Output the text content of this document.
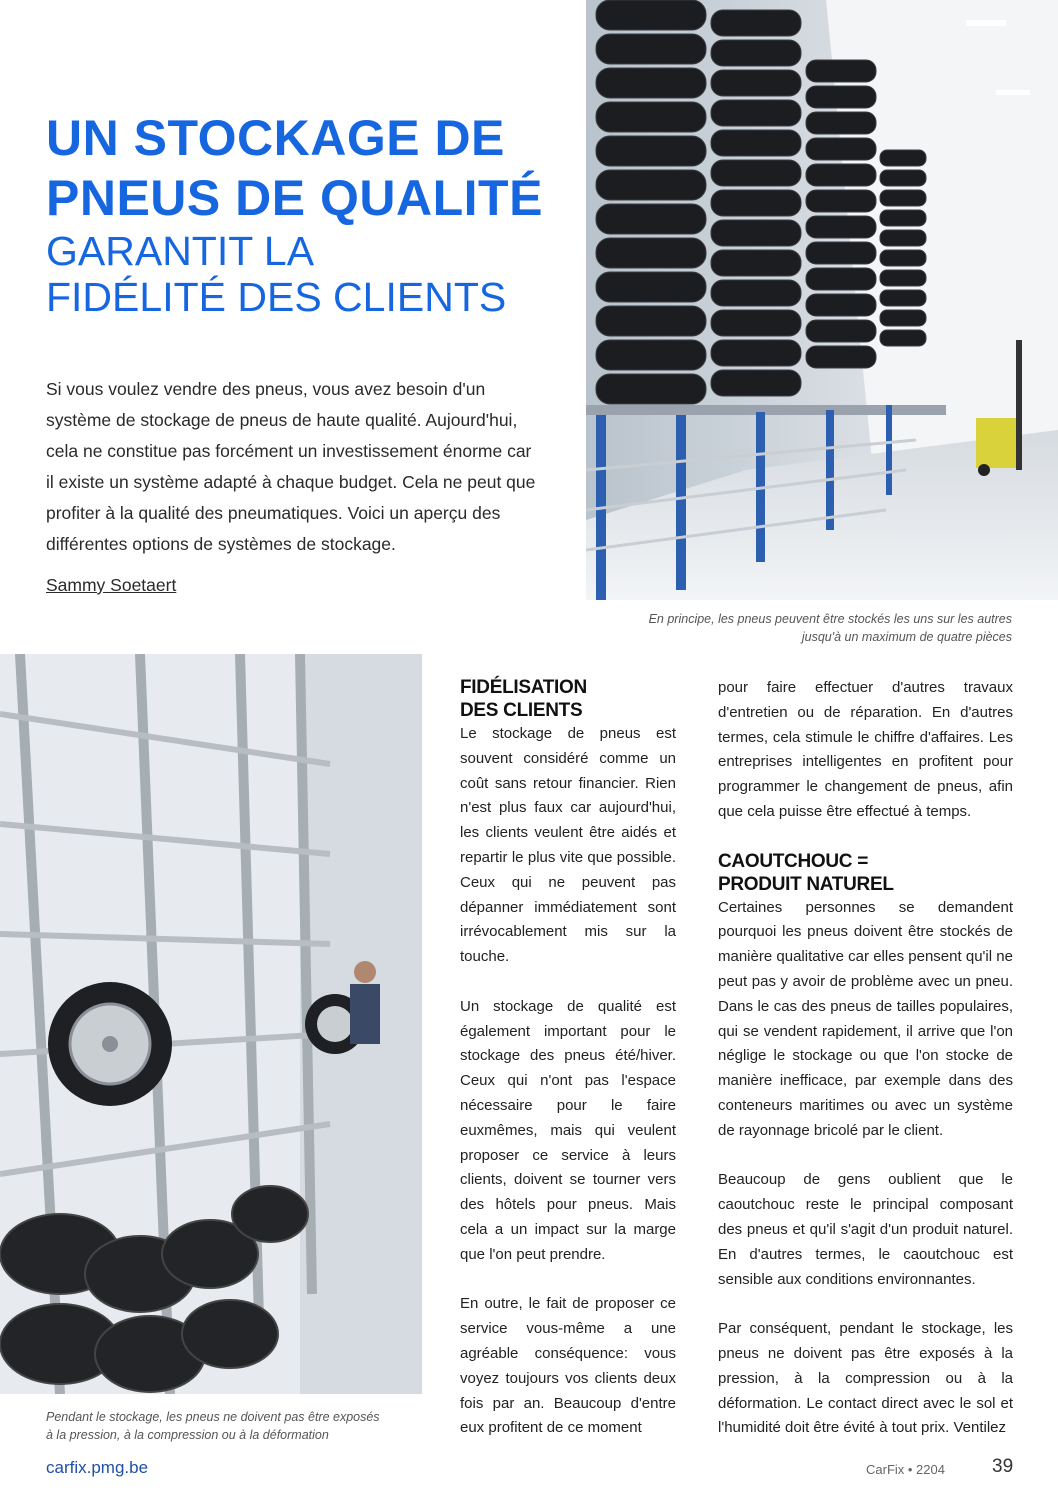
UN STOCKAGE DE
PNEUS DE QUALITÉ
GARANTIT LA
FIDÉLITÉ DES CLIENTS

Si vous voulez vendre des pneus, vous avez besoin d'un système de stockage de pneus de haute qualité. Aujourd'hui, cela ne constitue pas forcément un investissement énorme car il existe un système adapté à chaque budget. Cela ne peut que profiter à la qualité des pneumatiques. Voici un aperçu des différentes options de systèmes de stockage.

Sammy Soetaert

En principe, les pneus peuvent être stockés les uns sur les autres
jusqu'à un maximum de quatre pièces

Pendant le stockage, les pneus ne doivent pas être exposés
à la pression, à la compression ou à la déformation

FIDÉLISATION
DES CLIENTS

Le stockage de pneus est souvent considéré comme un coût sans retour financier. Rien n'est plus faux car aujourd'hui, les clients veulent être aidés et repartir le plus vite que possible. Ceux qui ne peuvent pas dépanner immédiatement sont irrévocablement mis sur la touche.

Un stockage de qualité est également important pour le stockage des pneus été/hiver. Ceux qui n'ont pas l'espace nécessaire pour le faire euxmêmes, mais qui veulent proposer ce service à leurs clients, doivent se tourner vers des hôtels pour pneus. Mais cela a un impact sur la marge que l'on peut prendre.

En outre, le fait de proposer ce service vous-même a une agréable conséquence: vous voyez toujours vos clients deux fois par an. Beaucoup d'entre eux profitent de ce moment

pour faire effectuer d'autres travaux d'entretien ou de réparation. En d'autres termes, cela stimule le chiffre d'affaires. Les entreprises intelligentes en profitent pour programmer le changement de pneus, afin que cela puisse être effectué à temps.

CAOUTCHOUC =
PRODUIT NATUREL

Certaines personnes se demandent pourquoi les pneus doivent être stockés de manière qualitative car elles pensent qu'il ne peut pas y avoir de problème avec un pneu. Dans le cas des pneus de tailles populaires, qui se vendent rapidement, il arrive que l'on néglige le stockage ou que l'on stocke de manière inefficace, par exemple dans des conteneurs maritimes ou avec un système de rayonnage bricolé par le client.

Beaucoup de gens oublient que le caoutchouc reste le principal composant des pneus et qu'il s'agit d'un produit naturel. En d'autres termes, le caoutchouc est sensible aux conditions environnantes.

Par conséquent, pendant le stockage, les pneus ne doivent pas être exposés à la pression, à la compression ou à la déformation. Le contact direct avec le sol et l'humidité doit être évité à tout prix. Ventilez

carfix.pmg.be	CarFix • 2204 39
